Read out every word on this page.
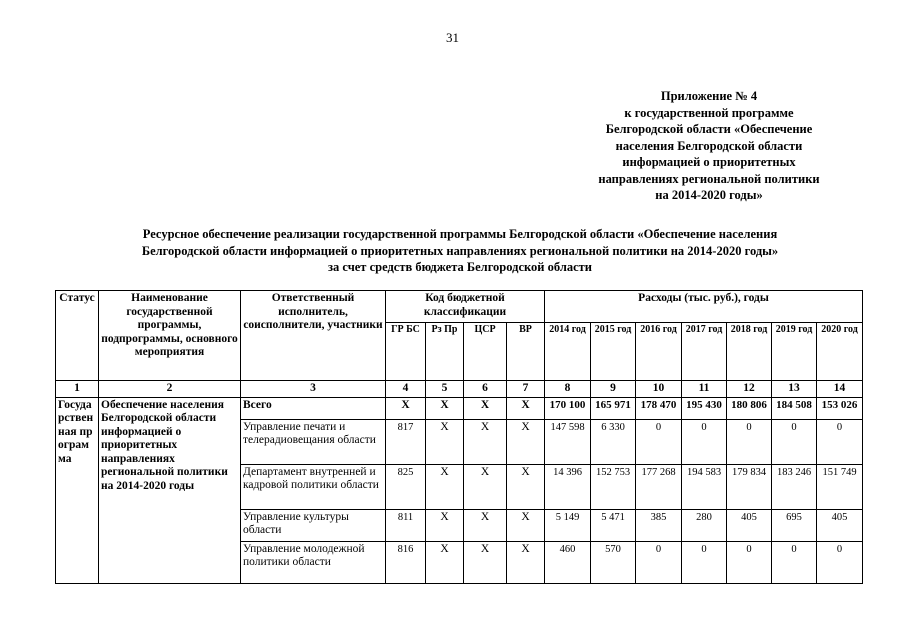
31
Приложение № 4
к государственной программе
Белгородской области «Обеспечение
населения Белгородской области
информацией о приоритетных
направлениях региональной политики
на 2014-2020 годы»
Ресурсное обеспечение реализации государственной программы Белгородской области «Обеспечение населения
Белгородской области информацией о приоритетных направлениях региональной политики на 2014-2020 годы»
за счет средств бюджета Белгородской области
Статус	Наименование государственной программы, подпрограммы, основного мероприятия	Ответственный исполнитель, соисполнители, участники	Код бюджетной классификации				Расходы (тыс. руб.), годы						
			ГР БС	Рз Пр	ЦСР	ВР	2014 год	2015 год	2016 год	2017 год	2018 год	2019 год	2020 год
1	2	3	4	5	6	7	8	9	10	11	12	13	14
Государственная программа	Обеспечение населения Белгородской области информацией о приоритетных направлениях региональной политики на 2014-2020 годы	Всего	X	X	X	X	170 100	165 971	178 470	195 430	180 806	184 508	153 026
		Управление печати и телерадиовещания области	817	X	X	X	147 598	6 330	0	0	0	0	0
		Департамент внутренней и кадровой политики области	825	X	X	X	14 396	152 753	177 268	194 583	179 834	183 246	151 749
		Управление культуры области	811	X	X	X	5 149	5 471	385	280	405	695	405
		Управление молодежной политики области	816	X	X	X	460	570	0	0	0	0	0
